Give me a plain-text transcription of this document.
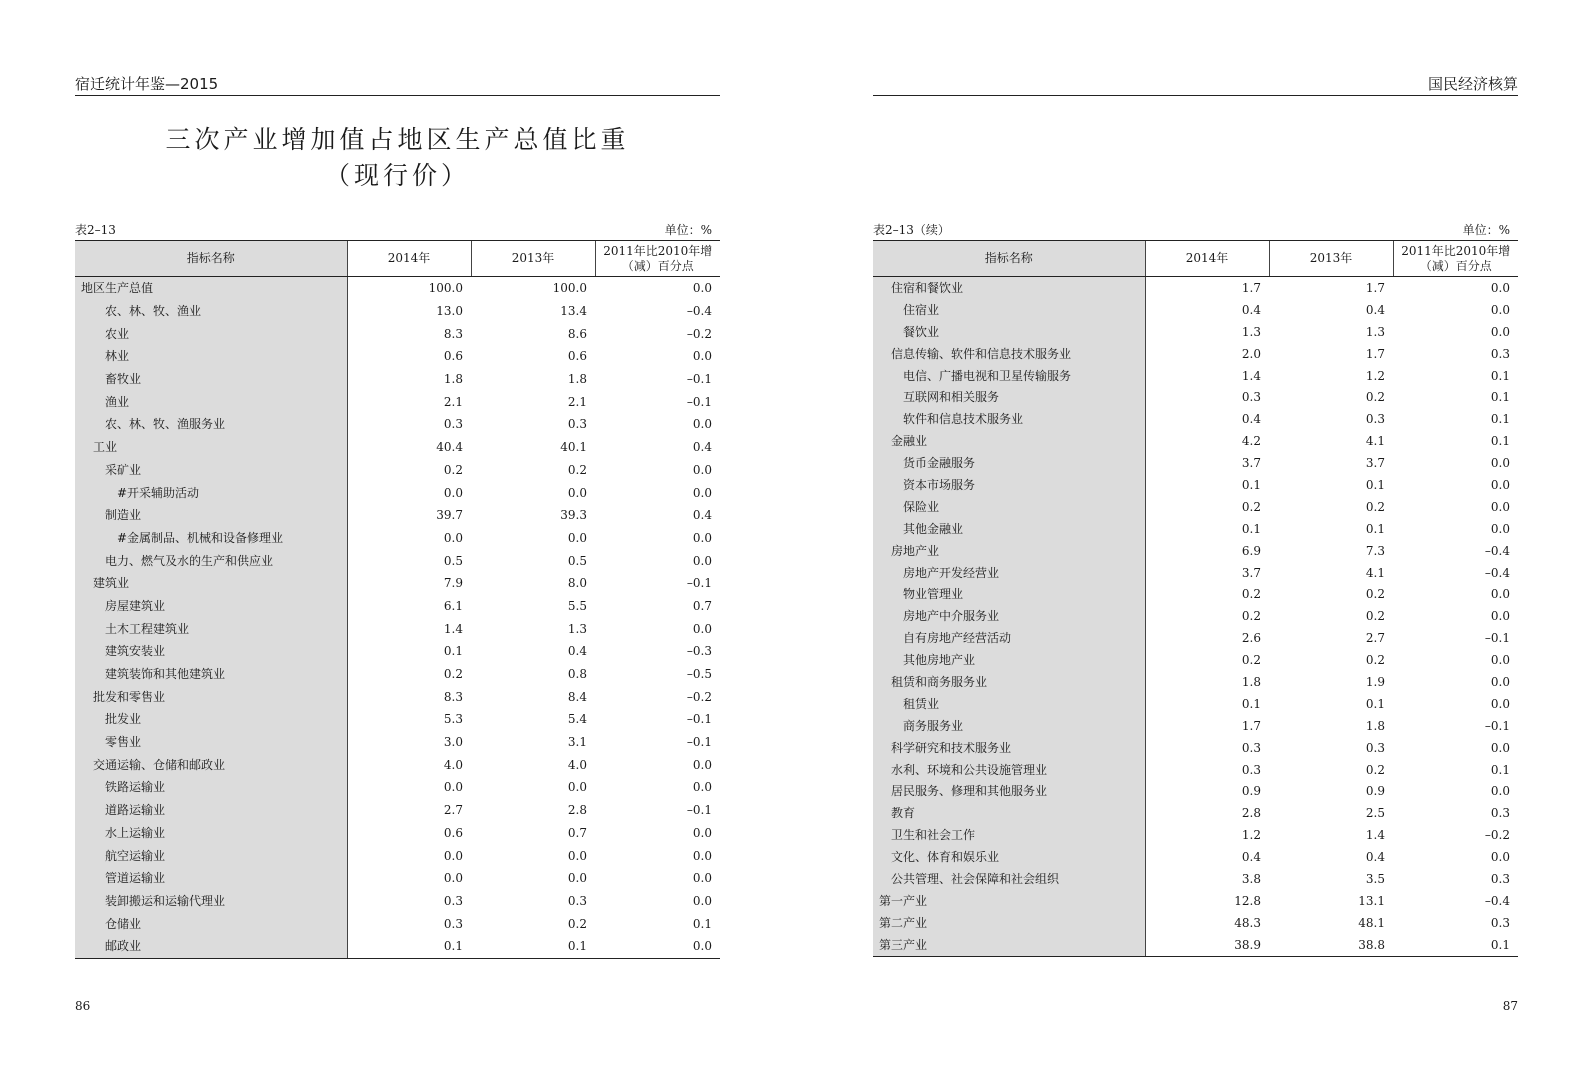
宿迁统计年鉴—2015
三次产业增加值占地区生产总值比重
（现行价）
表2–13	单位：%
指标名称	2014年	2013年	2011年比2010年增
（减）百分点

地区生产总值	100.0	100.0	0.0
农、林、牧、渔业	13.0	13.4	–0.4
农业	8.3	8.6	–0.2
林业	0.6	0.6	0.0
畜牧业	1.8	1.8	–0.1
渔业	2.1	2.1	–0.1
农、林、牧、渔服务业	0.3	0.3	0.0
工业	40.4	40.1	0.4
采矿业	0.2	0.2	0.0
#开采辅助活动	0.0	0.0	0.0
制造业	39.7	39.3	0.4
#金属制品、机械和设备修理业	0.0	0.0	0.0
电力、燃气及水的生产和供应业	0.5	0.5	0.0
建筑业	7.9	8.0	–0.1
房屋建筑业	6.1	5.5	0.7
土木工程建筑业	1.4	1.3	0.0
建筑安装业	0.1	0.4	–0.3
建筑装饰和其他建筑业	0.2	0.8	–0.5
批发和零售业	8.3	8.4	–0.2
批发业	5.3	5.4	–0.1
零售业	3.0	3.1	–0.1
交通运输、仓储和邮政业	4.0	4.0	0.0
铁路运输业	0.0	0.0	0.0
道路运输业	2.7	2.8	–0.1
水上运输业	0.6	0.7	0.0
航空运输业	0.0	0.0	0.0
管道运输业	0.0	0.0	0.0
装卸搬运和运输代理业	0.3	0.3	0.0
仓储业	0.3	0.2	0.1
邮政业	0.1	0.1	0.0
86
国民经济核算
表2–13（续）	单位：%
指标名称	2014年	2013年	2011年比2010年增
（减）百分点

住宿和餐饮业	1.7	1.7	0.0
住宿业	0.4	0.4	0.0
餐饮业	1.3	1.3	0.0
信息传输、软件和信息技术服务业	2.0	1.7	0.3
电信、广播电视和卫星传输服务	1.4	1.2	0.1
互联网和相关服务	0.3	0.2	0.1
软件和信息技术服务业	0.4	0.3	0.1
金融业	4.2	4.1	0.1
货币金融服务	3.7	3.7	0.0
资本市场服务	0.1	0.1	0.0
保险业	0.2	0.2	0.0
其他金融业	0.1	0.1	0.0
房地产业	6.9	7.3	–0.4
房地产开发经营业	3.7	4.1	–0.4
物业管理业	0.2	0.2	0.0
房地产中介服务业	0.2	0.2	0.0
自有房地产经营活动	2.6	2.7	–0.1
其他房地产业	0.2	0.2	0.0
租赁和商务服务业	1.8	1.9	0.0
租赁业	0.1	0.1	0.0
商务服务业	1.7	1.8	–0.1
科学研究和技术服务业	0.3	0.3	0.0
水利、环境和公共设施管理业	0.3	0.2	0.1
居民服务、修理和其他服务业	0.9	0.9	0.0
教育	2.8	2.5	0.3
卫生和社会工作	1.2	1.4	–0.2
文化、体育和娱乐业	0.4	0.4	0.0
公共管理、社会保障和社会组织	3.8	3.5	0.3
第一产业	12.8	13.1	–0.4
第二产业	48.3	48.1	0.3
第三产业	38.9	38.8	0.1
87
